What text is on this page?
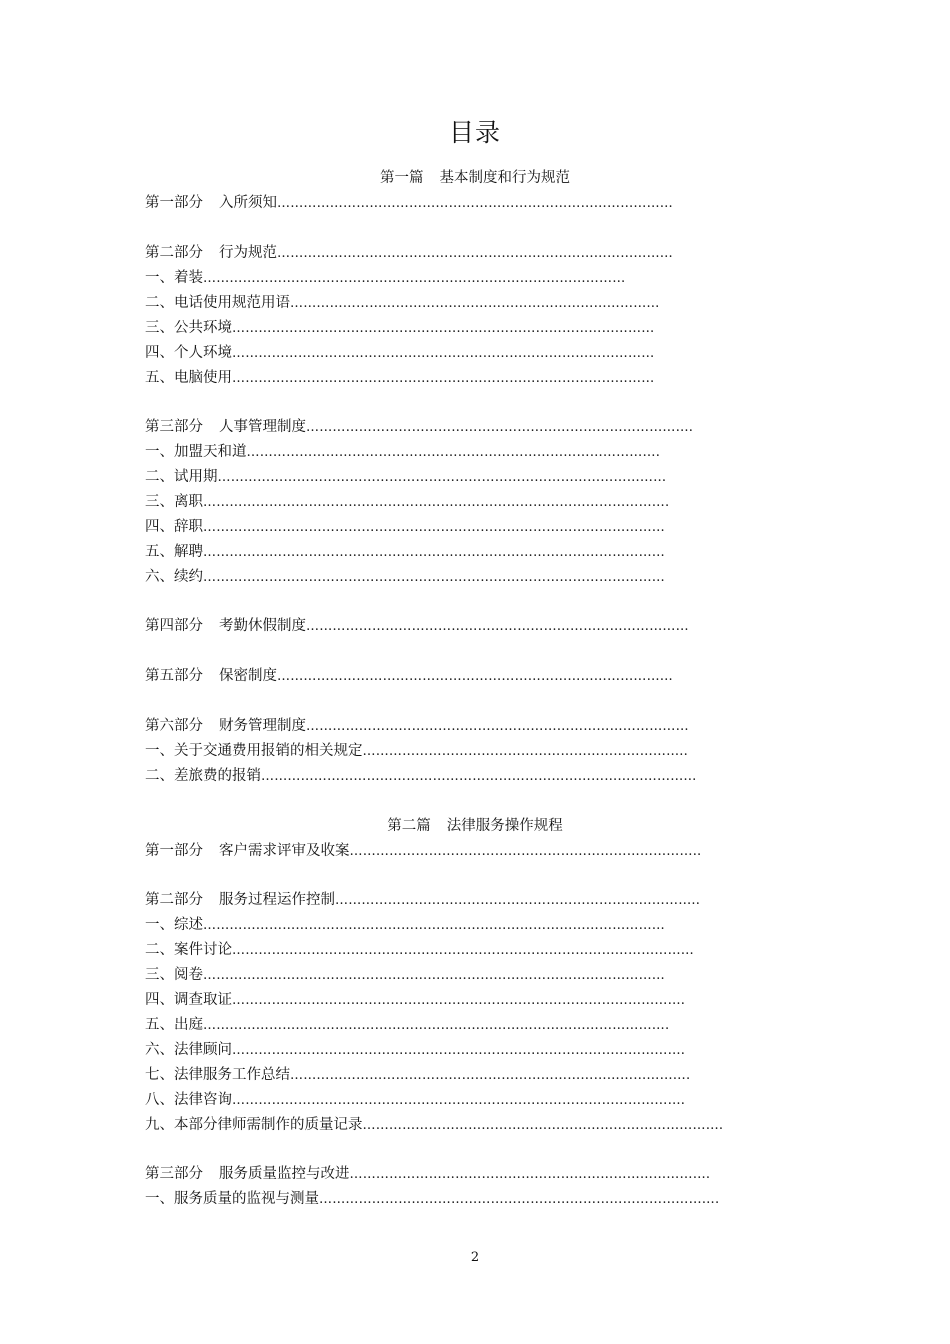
目录
第一篇 基本制度和行为规范
第一部分 入所须知………………………………………………………………………………
第二部分 行为规范………………………………………………………………………………
一、着装……………………………………………………………………………………
二、电话使用规范用语…………………………………………………………………………
三、公共环境……………………………………………………………………………………
四、个人环境……………………………………………………………………………………
五、电脑使用……………………………………………………………………………………
第三部分 人事管理制度…………………………………………………………………………….
一、加盟天和道………………………………………………………………………………….
二、试用期…………………………………………………………………………………………
三、离职…………………………………………………………………………………………….
四、辞职……………………………………………………………………………………………
五、解聘……………………………………………………………………………………………
六、续约……………………………………………………………………………………………
第四部分 考勤休假制度……………………………………………………………………………
第五部分 保密制度………………………………………………………………………………
第六部分 财务管理制度……………………………………………………………………………
一、关于交通费用报销的相关规定………………………………………………………………..
二、差旅费的报销………………………………………………………………………………………
第二篇 法律服务操作规程
第一部分 客户需求评审及收案……………………………………………………………………..
第二部分 服务过程运作控制………………………………………………………………………..
一、综述……………………………………………………………………………………………
二、案件讨论……………………………………………………………………………………………
三、阅卷……………………………………………………………………………………………
四、调查取证………………………………………………………………………………………….
五、出庭…………………………………………………………………………………………….
六、法律顾问………………………………………………………………………………………….
七、法律服务工作总结……………………………………………………………………………….
八、法律咨询………………………………………………………………………………………….
九、本部分律师需制作的质量记录……………………………………………………………………….
第三部分 服务质量监控与改进……………………………………………………………………….
一、服务质量的监视与测量……………………………………………………………………………….
2
